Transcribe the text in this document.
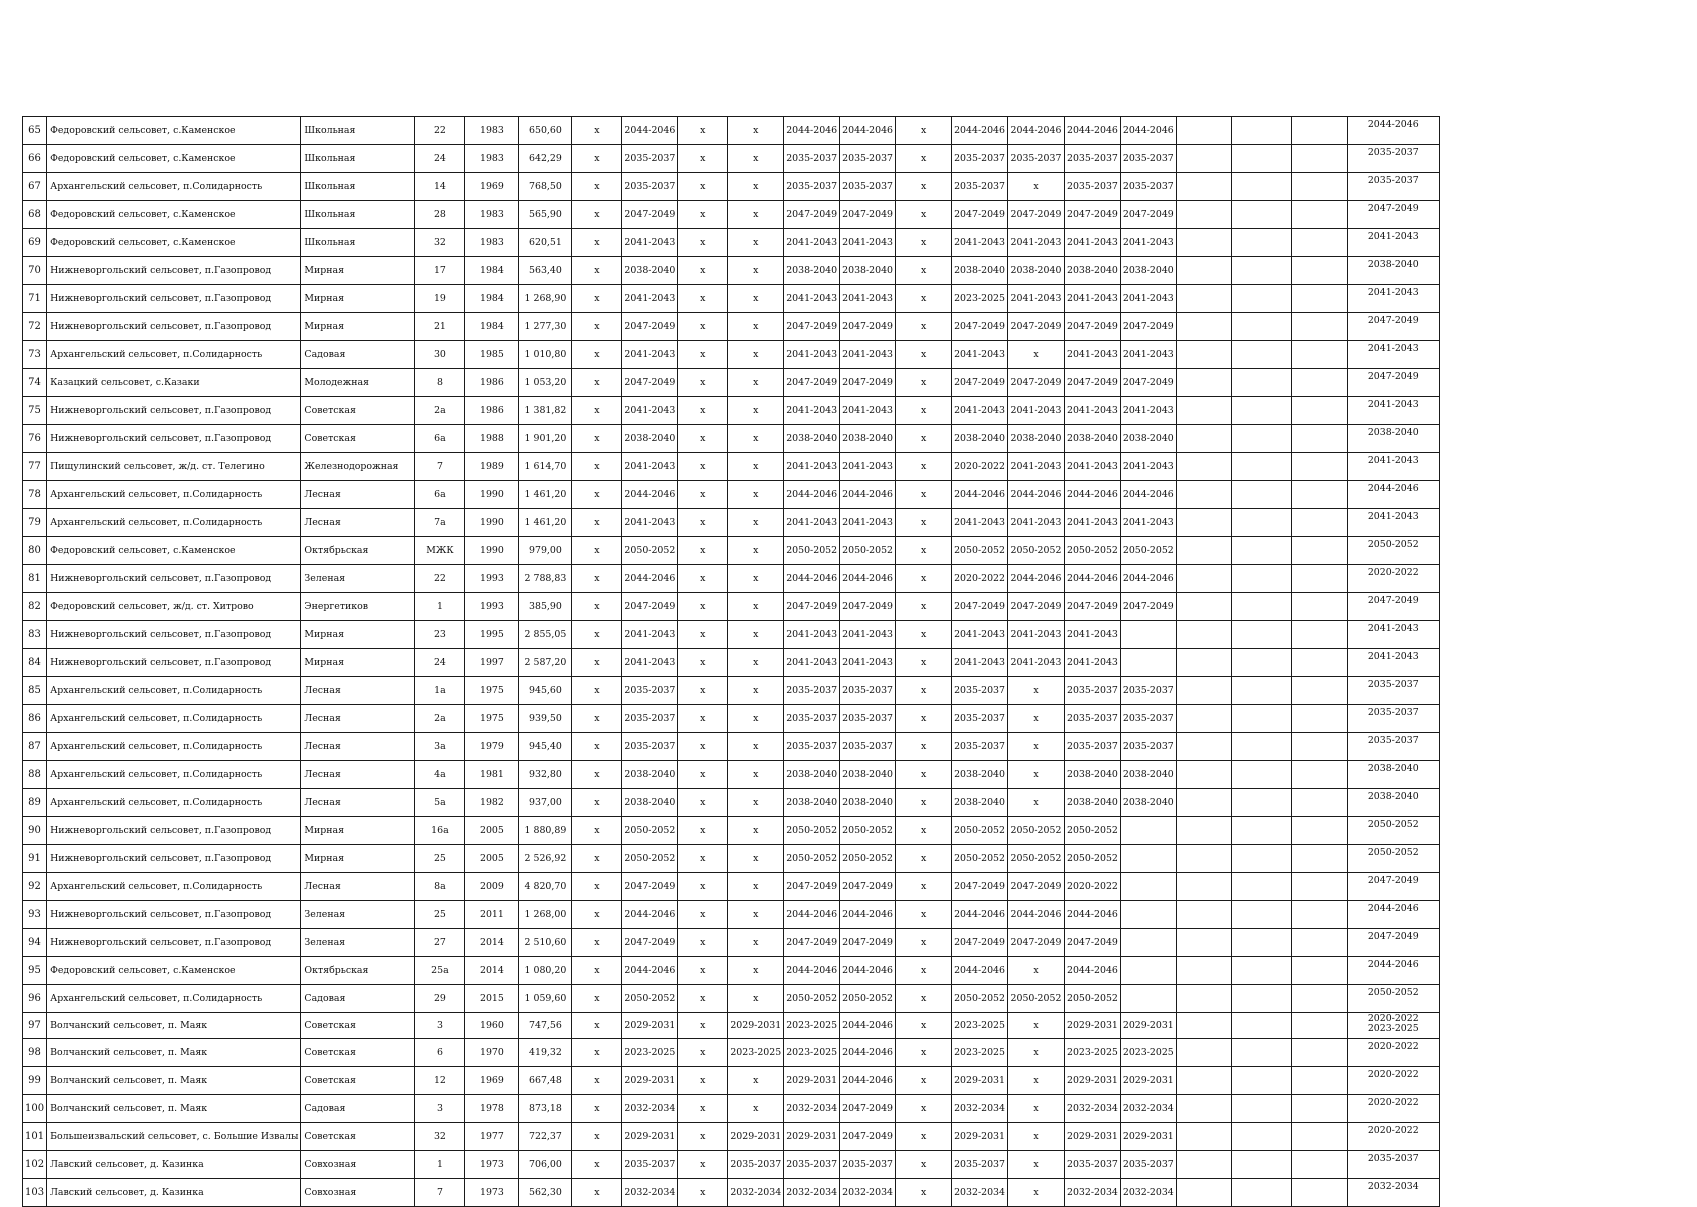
65	Федоровский сельсовет, с.Каменское	Школьная	22	1983	650,60	x	2044-2046	x	x	2044-2046	2044-2046	x	2044-2046	2044-2046	2044-2046	2044-2046				2044-2046
66	Федоровский сельсовет, с.Каменское	Школьная	24	1983	642,29	x	2035-2037	x	x	2035-2037	2035-2037	x	2035-2037	2035-2037	2035-2037	2035-2037				2035-2037
67	Архангельский сельсовет, п.Солидарность	Школьная	14	1969	768,50	x	2035-2037	x	x	2035-2037	2035-2037	x	2035-2037	x	2035-2037	2035-2037				2035-2037
68	Федоровский сельсовет, с.Каменское	Школьная	28	1983	565,90	x	2047-2049	x	x	2047-2049	2047-2049	x	2047-2049	2047-2049	2047-2049	2047-2049				2047-2049
69	Федоровский сельсовет, с.Каменское	Школьная	32	1983	620,51	x	2041-2043	x	x	2041-2043	2041-2043	x	2041-2043	2041-2043	2041-2043	2041-2043				2041-2043
70	Нижневоргольский сельсовет, п.Газопровод	Мирная	17	1984	563,40	x	2038-2040	x	x	2038-2040	2038-2040	x	2038-2040	2038-2040	2038-2040	2038-2040				2038-2040
71	Нижневоргольский сельсовет, п.Газопровод	Мирная	19	1984	1 268,90	x	2041-2043	x	x	2041-2043	2041-2043	x	2023-2025	2041-2043	2041-2043	2041-2043				2041-2043
72	Нижневоргольский сельсовет, п.Газопровод	Мирная	21	1984	1 277,30	x	2047-2049	x	x	2047-2049	2047-2049	x	2047-2049	2047-2049	2047-2049	2047-2049				2047-2049
73	Архангельский сельсовет, п.Солидарность	Садовая	30	1985	1 010,80	x	2041-2043	x	x	2041-2043	2041-2043	x	2041-2043	x	2041-2043	2041-2043				2041-2043
74	Казацкий сельсовет, с.Казаки	Молодежная	8	1986	1 053,20	x	2047-2049	x	x	2047-2049	2047-2049	x	2047-2049	2047-2049	2047-2049	2047-2049				2047-2049
75	Нижневоргольский сельсовет, п.Газопровод	Советская	2а	1986	1 381,82	x	2041-2043	x	x	2041-2043	2041-2043	x	2041-2043	2041-2043	2041-2043	2041-2043				2041-2043
76	Нижневоргольский сельсовет, п.Газопровод	Советская	6а	1988	1 901,20	x	2038-2040	x	x	2038-2040	2038-2040	x	2038-2040	2038-2040	2038-2040	2038-2040				2038-2040
77	Пищулинский сельсовет, ж/д. ст. Телегино	Железнодорожная	7	1989	1 614,70	x	2041-2043	x	x	2041-2043	2041-2043	x	2020-2022	2041-2043	2041-2043	2041-2043				2041-2043
78	Архангельский сельсовет, п.Солидарность	Лесная	6а	1990	1 461,20	x	2044-2046	x	x	2044-2046	2044-2046	x	2044-2046	2044-2046	2044-2046	2044-2046				2044-2046
79	Архангельский сельсовет, п.Солидарность	Лесная	7а	1990	1 461,20	x	2041-2043	x	x	2041-2043	2041-2043	x	2041-2043	2041-2043	2041-2043	2041-2043				2041-2043
80	Федоровский сельсовет, с.Каменское	Октябрьская	МЖК	1990	979,00	x	2050-2052	x	x	2050-2052	2050-2052	x	2050-2052	2050-2052	2050-2052	2050-2052				2050-2052
81	Нижневоргольский сельсовет, п.Газопровод	Зеленая	22	1993	2 788,83	x	2044-2046	x	x	2044-2046	2044-2046	x	2020-2022	2044-2046	2044-2046	2044-2046				2020-2022
82	Федоровский сельсовет, ж/д. ст. Хитрово	Энергетиков	1	1993	385,90	x	2047-2049	x	x	2047-2049	2047-2049	x	2047-2049	2047-2049	2047-2049	2047-2049				2047-2049
83	Нижневоргольский сельсовет, п.Газопровод	Мирная	23	1995	2 855,05	x	2041-2043	x	x	2041-2043	2041-2043	x	2041-2043	2041-2043	2041-2043					2041-2043
84	Нижневоргольский сельсовет, п.Газопровод	Мирная	24	1997	2 587,20	x	2041-2043	x	x	2041-2043	2041-2043	x	2041-2043	2041-2043	2041-2043					2041-2043
85	Архангельский сельсовет, п.Солидарность	Лесная	1а	1975	945,60	x	2035-2037	x	x	2035-2037	2035-2037	x	2035-2037	x	2035-2037	2035-2037				2035-2037
86	Архангельский сельсовет, п.Солидарность	Лесная	2а	1975	939,50	x	2035-2037	x	x	2035-2037	2035-2037	x	2035-2037	x	2035-2037	2035-2037				2035-2037
87	Архангельский сельсовет, п.Солидарность	Лесная	3а	1979	945,40	x	2035-2037	x	x	2035-2037	2035-2037	x	2035-2037	x	2035-2037	2035-2037				2035-2037
88	Архангельский сельсовет, п.Солидарность	Лесная	4а	1981	932,80	x	2038-2040	x	x	2038-2040	2038-2040	x	2038-2040	x	2038-2040	2038-2040				2038-2040
89	Архангельский сельсовет, п.Солидарность	Лесная	5а	1982	937,00	x	2038-2040	x	x	2038-2040	2038-2040	x	2038-2040	x	2038-2040	2038-2040				2038-2040
90	Нижневоргольский сельсовет, п.Газопровод	Мирная	16а	2005	1 880,89	x	2050-2052	x	x	2050-2052	2050-2052	x	2050-2052	2050-2052	2050-2052					2050-2052
91	Нижневоргольский сельсовет, п.Газопровод	Мирная	25	2005	2 526,92	x	2050-2052	x	x	2050-2052	2050-2052	x	2050-2052	2050-2052	2050-2052					2050-2052
92	Архангельский сельсовет, п.Солидарность	Лесная	8а	2009	4 820,70	x	2047-2049	x	x	2047-2049	2047-2049	x	2047-2049	2047-2049	2020-2022					2047-2049
93	Нижневоргольский сельсовет, п.Газопровод	Зеленая	25	2011	1 268,00	x	2044-2046	x	x	2044-2046	2044-2046	x	2044-2046	2044-2046	2044-2046					2044-2046
94	Нижневоргольский сельсовет, п.Газопровод	Зеленая	27	2014	2 510,60	x	2047-2049	x	x	2047-2049	2047-2049	x	2047-2049	2047-2049	2047-2049					2047-2049
95	Федоровский сельсовет, с.Каменское	Октябрьская	25а	2014	1 080,20	x	2044-2046	x	x	2044-2046	2044-2046	x	2044-2046	x	2044-2046					2044-2046
96	Архангельский сельсовет, п.Солидарность	Садовая	29	2015	1 059,60	x	2050-2052	x	x	2050-2052	2050-2052	x	2050-2052	2050-2052	2050-2052					2050-2052
97	Волчанский сельсовет, п. Маяк	Советская	3	1960	747,56	x	2029-2031	x	2029-2031	2023-2025	2044-2046	x	2023-2025	x	2029-2031	2029-2031				2020-2022
2023-2025
98	Волчанский сельсовет, п. Маяк	Советская	6	1970	419,32	x	2023-2025	x	2023-2025	2023-2025	2044-2046	x	2023-2025	x	2023-2025	2023-2025				2020-2022
99	Волчанский сельсовет, п. Маяк	Советская	12	1969	667,48	x	2029-2031	x	x	2029-2031	2044-2046	x	2029-2031	x	2029-2031	2029-2031				2020-2022
100	Волчанский сельсовет, п. Маяк	Садовая	3	1978	873,18	x	2032-2034	x	x	2032-2034	2047-2049	x	2032-2034	x	2032-2034	2032-2034				2020-2022
101	Большеизвальский сельсовет, с. Большие Извалы	Советская	32	1977	722,37	x	2029-2031	x	2029-2031	2029-2031	2047-2049	x	2029-2031	x	2029-2031	2029-2031				2020-2022
102	Лавский сельсовет, д. Казинка	Совхозная	1	1973	706,00	x	2035-2037	x	2035-2037	2035-2037	2035-2037	x	2035-2037	x	2035-2037	2035-2037				2035-2037
103	Лавский сельсовет, д. Казинка	Совхозная	7	1973	562,30	x	2032-2034	x	2032-2034	2032-2034	2032-2034	x	2032-2034	x	2032-2034	2032-2034				2032-2034
